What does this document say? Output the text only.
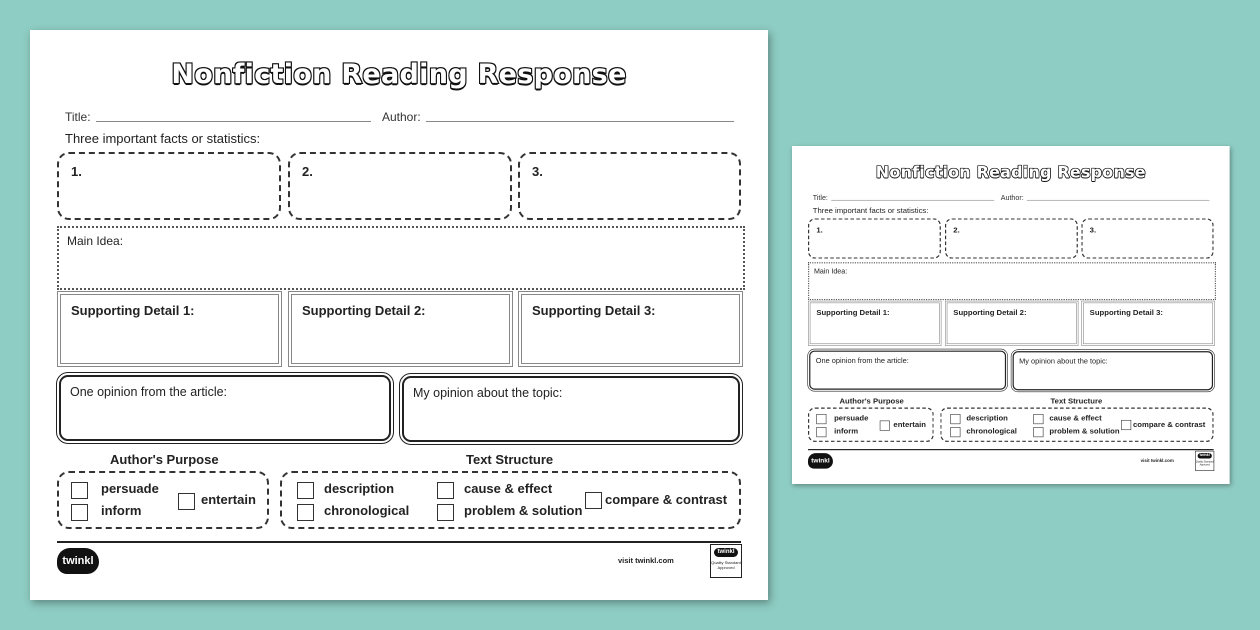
Nonfiction Reading Response
Title:	Author:
Three important facts or statistics:
1.	2.	3.
Main Idea:
Supporting Detail 1:	Supporting Detail 2:	Supporting Detail 3:
One opinion from the article:	My opinion about the topic:
Author's Purpose	Text Structure
persuade
inform
entertain
description
chronological
cause & effect
problem & solution
compare & contrast
twinkl	visit twinkl.com
twinkl
Quality Standard Approved
Nonfiction Reading Response
Title:	Author:
Three important facts or statistics:
1.	2.	3.
Main Idea:
Supporting Detail 1:	Supporting Detail 2:	Supporting Detail 3:
One opinion from the article:	My opinion about the topic:
Author's Purpose	Text Structure
persuade
inform
entertain
description
chronological
cause & effect
problem & solution
compare & contrast
twinkl	visit twinkl.com
twinkl
Quality Standard Approved
